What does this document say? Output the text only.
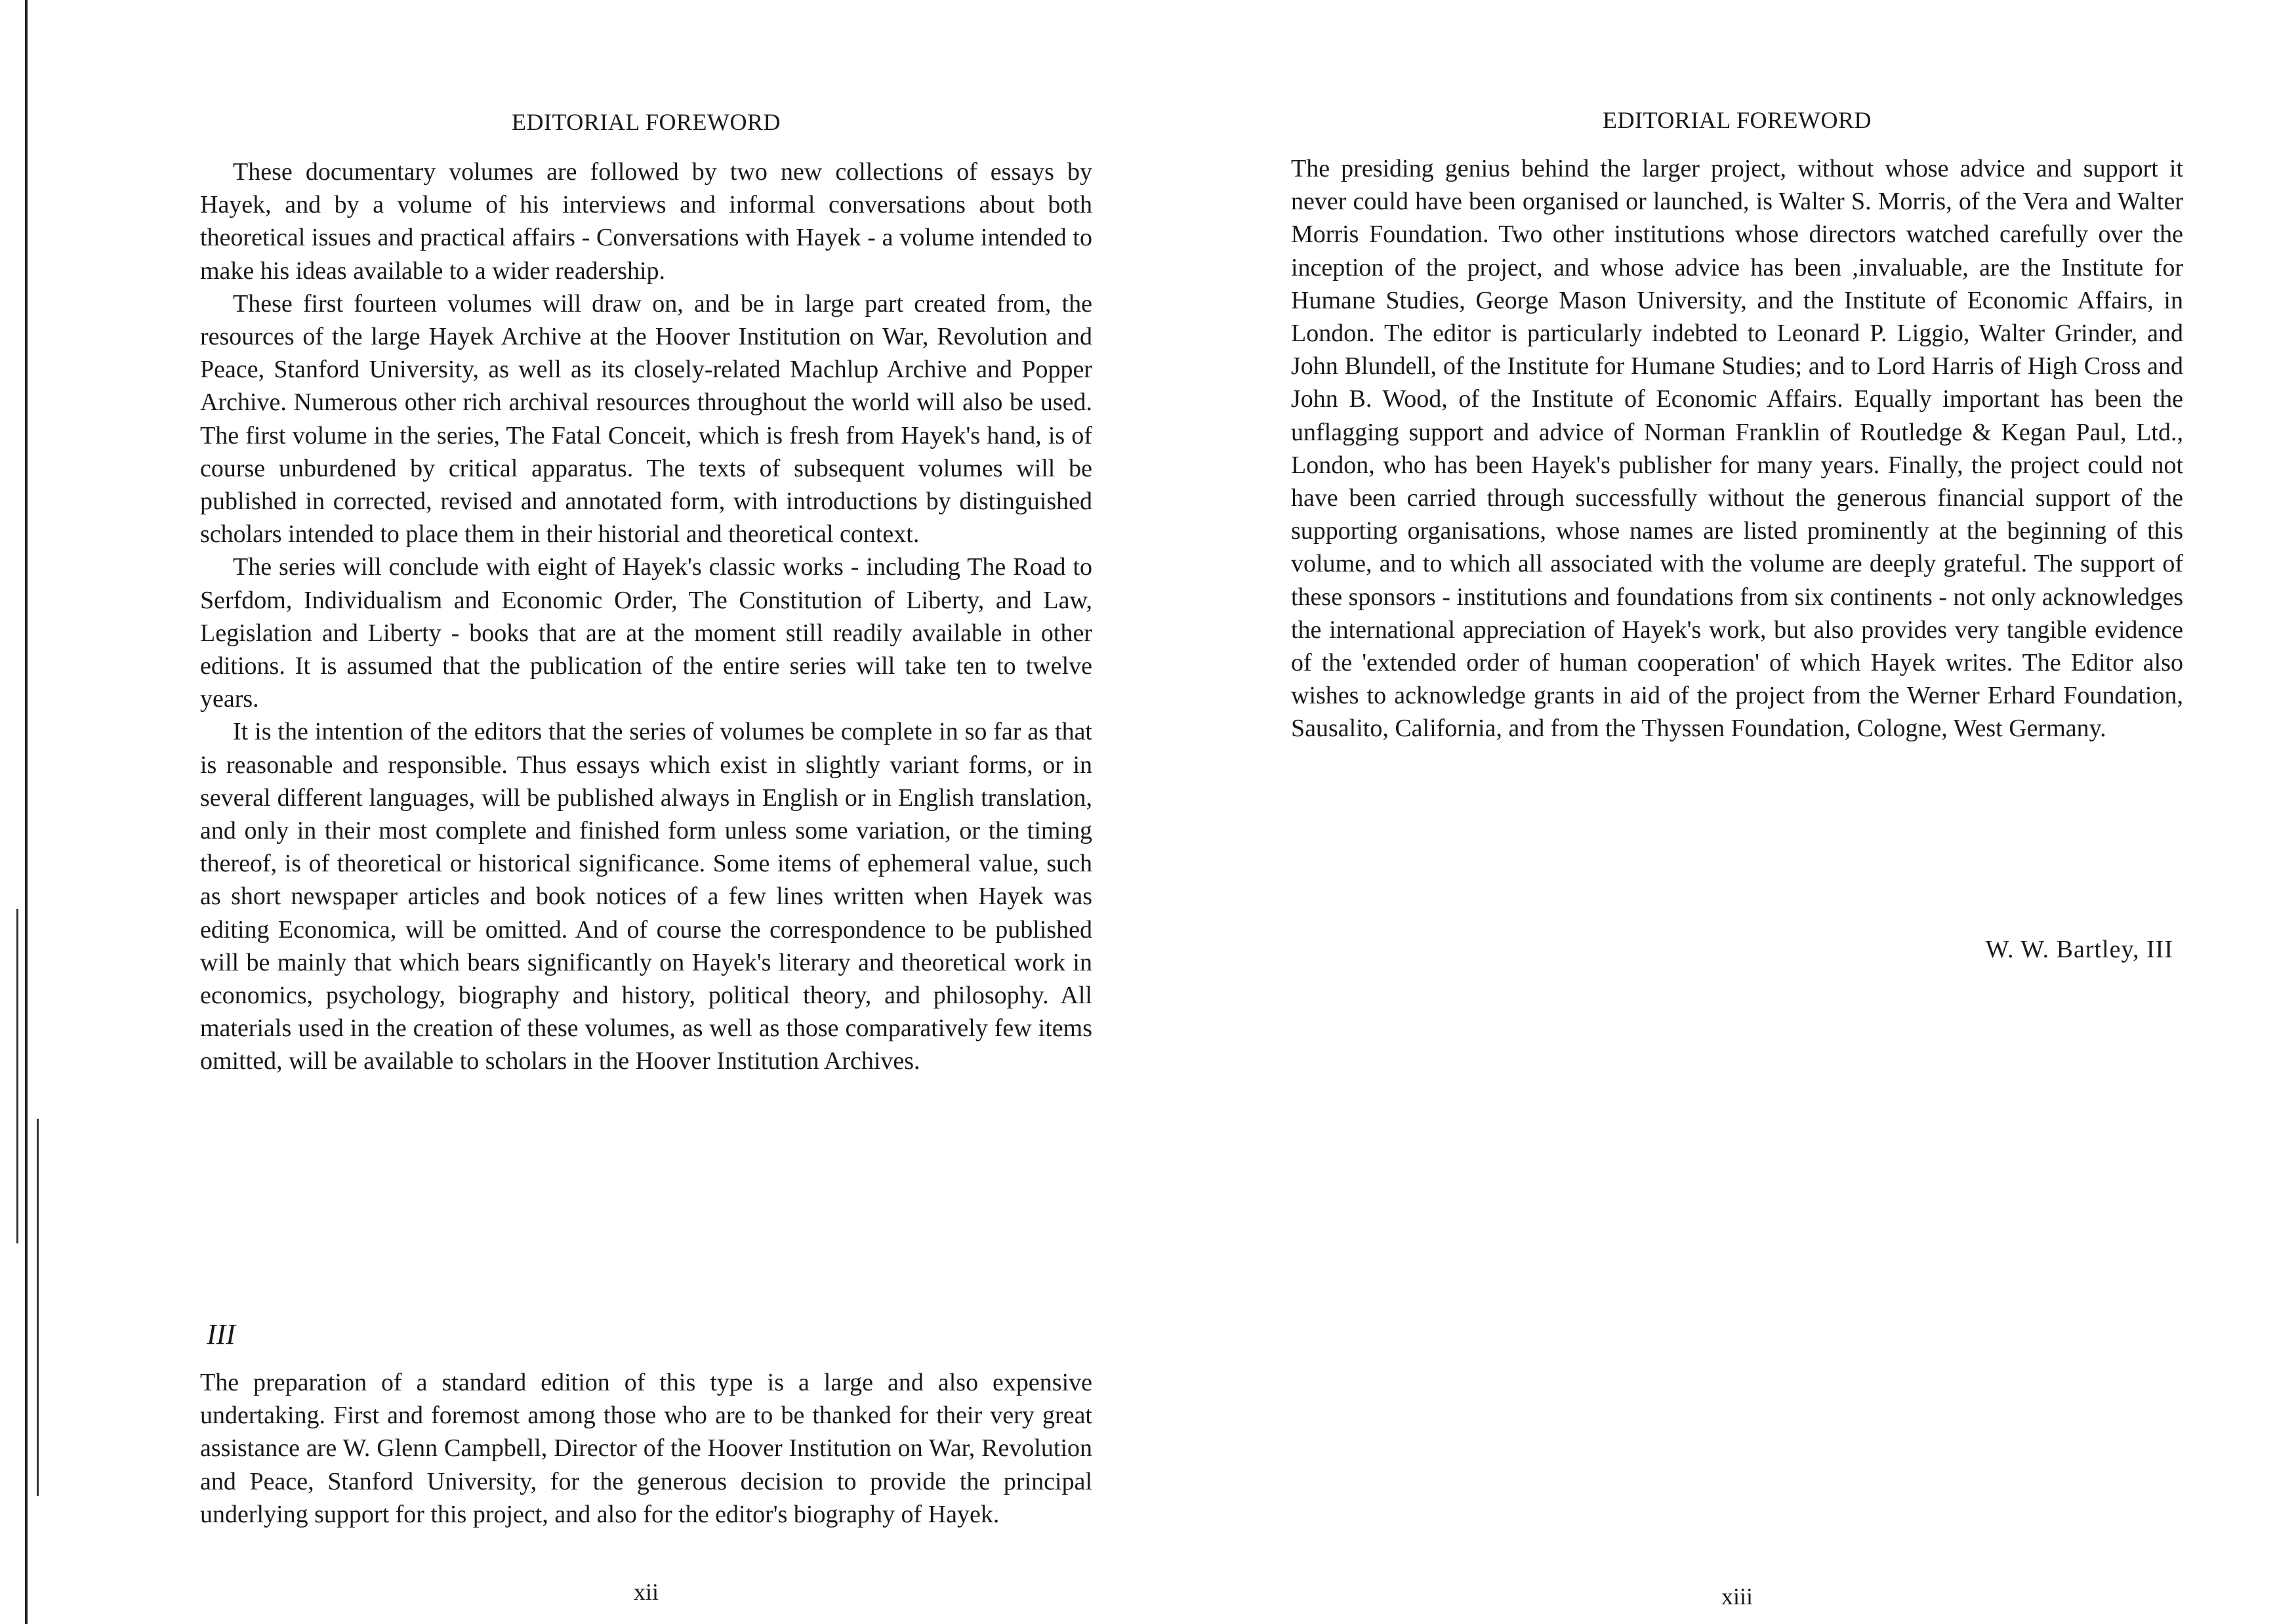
EDITORIAL FOREWORD

These documentary volumes are followed by two new collections of essays by Hayek, and by a volume of his interviews and informal conversations about both theoretical issues and practical affairs - Conversations with Hayek - a volume intended to make his ideas available to a wider readership.

These first fourteen volumes will draw on, and be in large part created from, the resources of the large Hayek Archive at the Hoover Institution on War, Revolution and Peace, Stanford University, as well as its closely-related Machlup Archive and Popper Archive. Numerous other rich archival resources throughout the world will also be used. The first volume in the series, The Fatal Conceit, which is fresh from Hayek's hand, is of course unburdened by critical apparatus. The texts of subsequent volumes will be published in corrected, revised and annotated form, with introductions by distinguished scholars intended to place them in their historial and theoretical context.

The series will conclude with eight of Hayek's classic works - including The Road to Serfdom, Individualism and Economic Order, The Constitution of Liberty, and Law, Legislation and Liberty - books that are at the moment still readily available in other editions. It is assumed that the publication of the entire series will take ten to twelve years.

It is the intention of the editors that the series of volumes be complete in so far as that is reasonable and responsible. Thus essays which exist in slightly variant forms, or in several different languages, will be published always in English or in English translation, and only in their most complete and finished form unless some variation, or the timing thereof, is of theoretical or historical significance. Some items of ephemeral value, such as short newspaper articles and book notices of a few lines written when Hayek was editing Economica, will be omitted. And of course the correspondence to be published will be mainly that which bears significantly on Hayek's literary and theoretical work in economics, psychology, biography and history, political theory, and philosophy. All materials used in the creation of these volumes, as well as those comparatively few items omitted, will be available to scholars in the Hoover Institution Archives.

III

The preparation of a standard edition of this type is a large and also expensive undertaking. First and foremost among those who are to be thanked for their very great assistance are W. Glenn Campbell, Director of the Hoover Institution on War, Revolution and Peace, Stanford University, for the generous decision to provide the principal underlying support for this project, and also for the editor's biography of Hayek.

xii
EDITORIAL FOREWORD

The presiding genius behind the larger project, without whose advice and support it never could have been organised or launched, is Walter S. Morris, of the Vera and Walter Morris Foundation. Two other institutions whose directors watched carefully over the inception of the project, and whose advice has been ,invaluable, are the Institute for Humane Studies, George Mason University, and the Institute of Economic Affairs, in London. The editor is particularly indebted to Leonard P. Liggio, Walter Grinder, and John Blundell, of the Institute for Humane Studies; and to Lord Harris of High Cross and John B. Wood, of the Institute of Economic Affairs. Equally important has been the unflagging support and advice of Norman Franklin of Routledge & Kegan Paul, Ltd., London, who has been Hayek's publisher for many years. Finally, the project could not have been carried through successfully without the generous financial support of the supporting organisations, whose names are listed prominently at the beginning of this volume, and to which all associated with the volume are deeply grateful. The support of these sponsors - institutions and foundations from six continents - not only acknowledges the international appreciation of Hayek's work, but also provides very tangible evidence of the 'extended order of human cooperation' of which Hayek writes. The Editor also wishes to acknowledge grants in aid of the project from the Werner Erhard Foundation, Sausalito, California, and from the Thyssen Foundation, Cologne, West Germany.

W. W. Bartley, III
xiii
